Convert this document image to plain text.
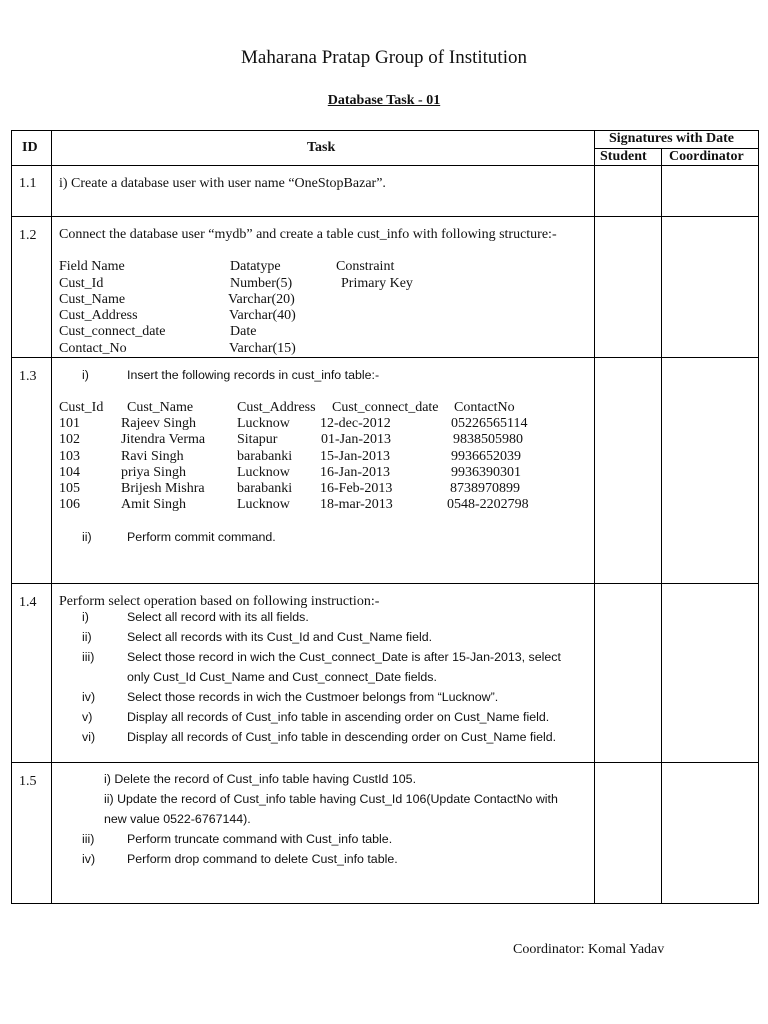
Maharana Pratap Group of Institution
Database Task - 01
ID	Task
Signatures with Date
Student Coordinator
1.1 i) Create a database user with user name “OneStopBazar”.
1.2 Connect the database user “mydb” and create a table cust_info with following structure:-
Field Name	Datatype	Constraint
Cust_Id	Number(5)	Primary Key
Cust_Name	Varchar(20)
Cust_Address	Varchar(40)
Cust_connect_date	Date
Contact_No	Varchar(15)
1.3	i)	Insert the following records in cust_info table:-
Cust_Id Cust_Name	Cust_Address Cust_connect_date ContactNo
101	Rajeev Singh	Lucknow 12-dec-2012	05226565114
102	Jitendra Verma Sitapur	01-Jan-2013	9838505980
103	Ravi Singh	barabanki 15-Jan-2013	9936652039
104	priya Singh	Lucknow 16-Jan-2013	9936390301
105	Brijesh Mishra barabanki 16-Feb-2013	8738970899
106	Amit Singh	Lucknow 18-mar-2013	0548-2202798
ii)	Perform commit command.
1.4 Perform select operation based on following instruction:-
i)	Select all record with its all fields.
ii)	Select all records with its Cust_Id and Cust_Name field.
iii)	Select those record in wich the Cust_connect_Date is after 15-Jan-2013, select
only Cust_Id Cust_Name and Cust_connect_Date fields.
iv)	Select those records in wich the Custmoer belongs from “Lucknow”.
v)	Display all records of Cust_info table in ascending order on Cust_Name field.
vi)	Display all records of Cust_info table in descending order on Cust_Name field.
1.5	i) Delete the record of Cust_info table having CustId 105.
ii) Update the record of Cust_info table having Cust_Id 106(Update ContactNo with
new value 0522-6767144).
iii)	Perform truncate command with Cust_info table.
iv)	Perform drop command to delete Cust_info table.
Coordinator: Komal Yadav
